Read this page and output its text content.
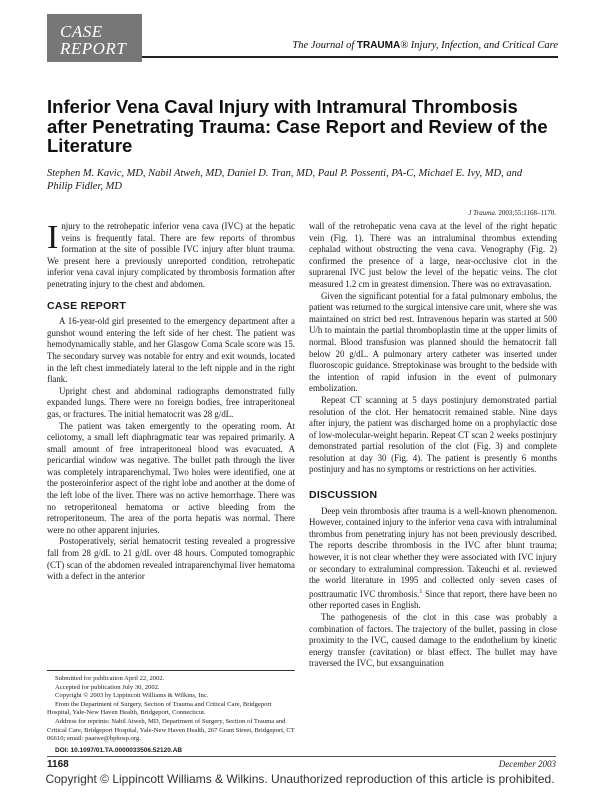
CASE
REPORT	The Journal of TRAUMA® Injury, Infection, and Critical Care
Inferior Vena Caval Injury with Intramural Thrombosis after Penetrating Trauma: Case Report and Review of the Literature

Stephen M. Kavic, MD, Nabil Atweh, MD, Daniel D. Tran, MD, Paul P. Possenti, PA-C, Michael E. Ivy, MD, and Philip Fidler, MD

J Trauma. 2003;55:1168–1170.

Injury to the retrohepatic inferior vena cava (IVC) at the hepatic veins is frequently fatal. There are few reports of thrombus formation at the site of possible IVC injury after blunt trauma. We present here a previously unreported condition, retrohepatic inferior vena caval injury complicated by thrombosis formation after penetrating injury to the chest and abdomen.

CASE REPORT

A 16-year-old girl presented to the emergency department after a gunshot wound entering the left side of her chest. The patient was hemodynamically stable, and her Glasgow Coma Scale score was 15. The secondary survey was notable for entry and exit wounds, located in the left chest immediately lateral to the left nipple and in the right flank.

Upright chest and abdominal radiographs demonstrated fully expanded lungs. There were no foreign bodies, free intraperitoneal gas, or fractures. The initial hematocrit was 28 g/dL.

The patient was taken emergently to the operating room. At celiotomy, a small left diaphragmatic tear was repaired primarily. A small amount of free intraperitoneal blood was evacuated. A pericardial window was negative. The bullet path through the liver was completely intraparenchymal. Two holes were identified, one at the posteroinferior aspect of the right lobe and another at the dome of the left lobe of the liver. There was no active hemorrhage. There was no retroperitoneal hematoma or active bleeding from the retroperitoneum. The area of the porta hepatis was normal. There were no other apparent injuries.

Postoperatively, serial hematocrit testing revealed a progressive fall from 28 g/dL to 21 g/dL over 48 hours. Computed tomographic (CT) scan of the abdomen revealed intraparenchymal liver hematoma with a defect in the anterior

Submitted for publication April 22, 2002.

Accepted for publication July 30, 2002.

Copyright © 2003 by Lippincott Williams & Wilkins, Inc.

From the Department of Surgery, Section of Trauma and Critical Care, Bridgeport Hospital, Yale-New Haven Health, Bridgeport, Connecticut.

Address for reprints: Nabil Atweh, MD, Department of Surgery, Section of Trauma and Critical Care, Bridgeport Hospital, Yale-New Haven Health, 267 Grant Street, Bridgeport, CT 06610; email: paatwe@bphosp.org.

DOI: 10.1097/01.TA.0000033506.52120.AB

wall of the retrohepatic vena cava at the level of the right hepatic vein (Fig. 1). There was an intraluminal thrombus extending cephalad without obstructing the vena cava. Venography (Fig. 2) confirmed the presence of a large, near-occlusive clot in the suprarenal IVC just below the level of the hepatic veins. The clot measured 1.2 cm in greatest dimension. There was no extravasation.

Given the significant potential for a fatal pulmonary embolus, the patient was returned to the surgical intensive care unit, where she was maintained on strict bed rest. Intravenous heparin was started at 500 U/h to maintain the partial thromboplastin time at the upper limits of normal. Blood transfusion was planned should the hematocrit fall below 20 g/dL. A pulmonary artery catheter was inserted under fluoroscopic guidance. Streptokinase was brought to the bedside with the intention of rapid infusion in the event of pulmonary embolization.

Repeat CT scanning at 5 days postinjury demonstrated partial resolution of the clot. Her hematocrit remained stable. Nine days after injury, the patient was discharged home on a prophylactic dose of low-molecular-weight heparin. Repeat CT scan 2 weeks postinjury demonstrated partial resolution of the clot (Fig. 3) and complete resolution at day 30 (Fig. 4). The patient is presently 6 months postinjury and has no symptoms or restrictions on her activities.

DISCUSSION

Deep vein thrombosis after trauma is a well-known phenomenon. However, contained injury to the inferior vena cava with intraluminal thrombus from penetrating injury has not been previously described. The reports describe thrombosis in the IVC after blunt trauma; however, it is not clear whether they were associated with IVC injury or secondary to extraluminal compression. Takeuchi et al. reviewed the world literature in 1995 and collected only seven cases of posttraumatic IVC thrombosis.$^1$ Since that report, there have been no other reported cases in English.

The pathogenesis of the clot in this case was probably a combination of factors. The trajectory of the bullet, passing in close proximity to the IVC, caused damage to the endothelium by kinetic energy transfer (cavitation) or blast effect. The bullet may have traversed the IVC, but exsanguination

1168	December 2003
Copyright © Lippincott Williams & Wilkins. Unauthorized reproduction of this article is prohibited.
